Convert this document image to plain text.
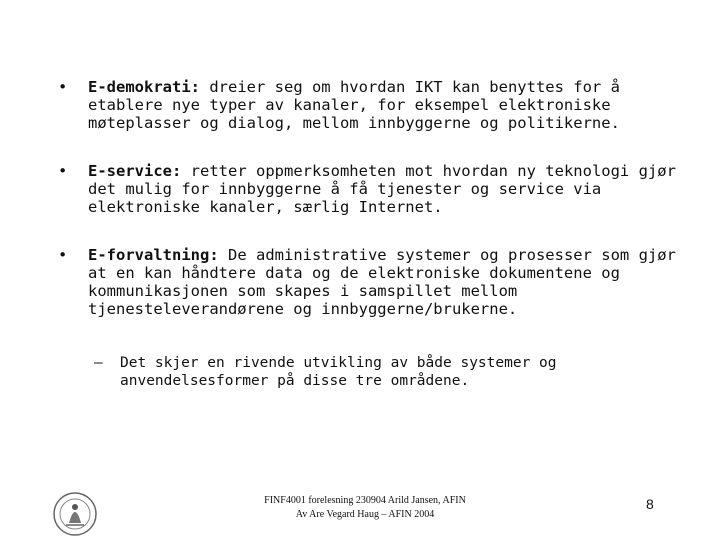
• E-demokrati: dreier seg om hvordan IKT kan benyttes for å etablere nye typer av kanaler, for eksempel elektroniske møteplasser og dialog, mellom innbyggerne og politikerne.
• E-service: retter oppmerksomheten mot hvordan ny teknologi gjør det mulig for innbyggerne å få tjenester og service via elektroniske kanaler, særlig Internet.
• E-forvaltning: De administrative systemer og prosesser som gjør at en kan håndtere data og de elektroniske dokumentene og kommunikasjonen som skapes i samspillet mellom tjenesteleverandørene og innbyggerne/brukerne.
– Det skjer en rivende utvikling av både systemer og anvendelsesformer på disse tre områdene.
FINF4001 forelesning 230904 Arild Jansen, AFIN
Av Are Vegard Haug – AFIN 2004
8
